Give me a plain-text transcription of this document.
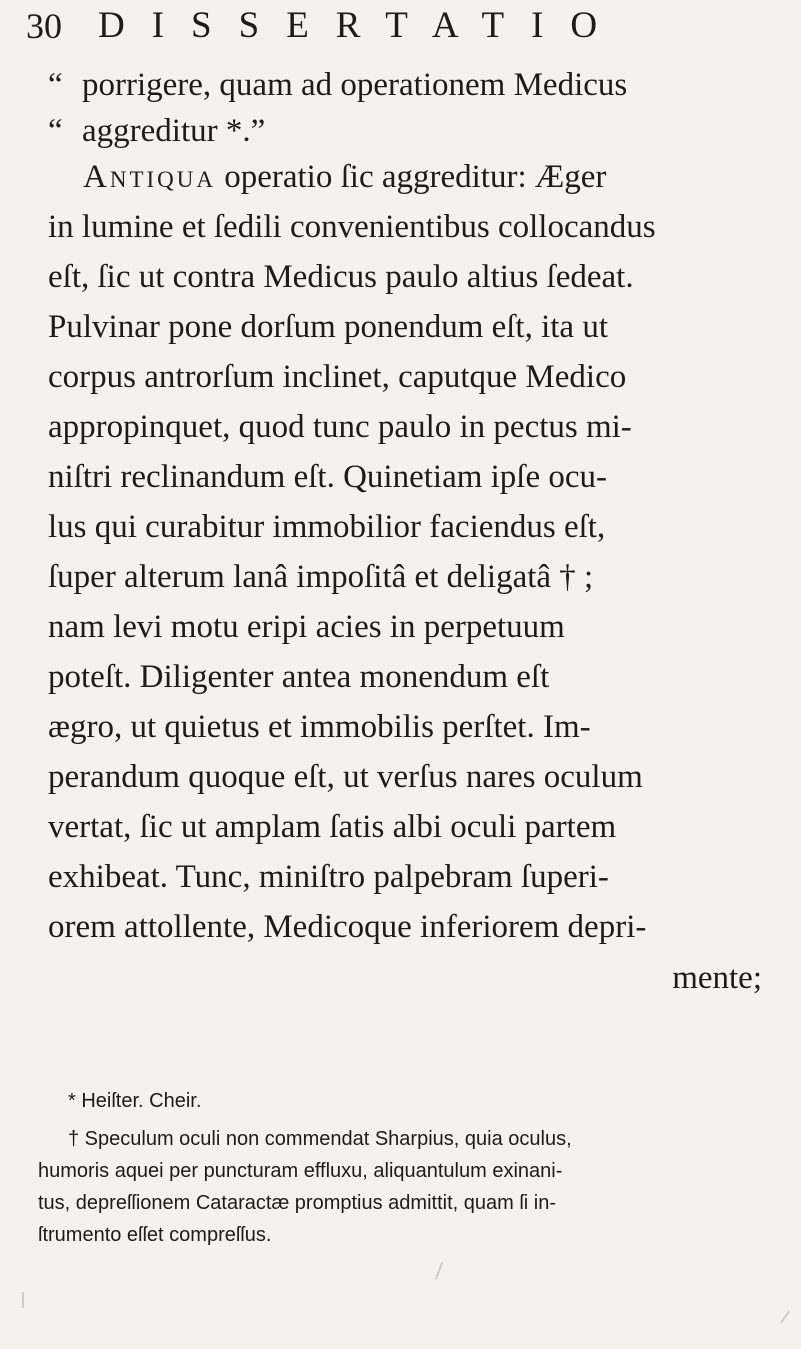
30 DISSERTATIO
“ porrigere, quam ad operationem Medicus
“ aggreditur *.”
Antiqua operatio ſic aggreditur: Æger
in lumine et ſedili convenientibus collocandus
eſt, ſic ut contra Medicus paulo altius ſedeat.
Pulvinar pone dorſum ponendum eſt, ita ut
corpus antrorſum inclinet, caputque Medico
appropinquet, quod tunc paulo in pectus mi-
niſtri reclinandum eſt. Quinetiam ipſe ocu-
lus qui curabitur immobilior faciendus eſt,
ſuper alterum lanâ impoſitâ et deligatâ † ;
nam levi motu eripi acies in perpetuum
poteſt. Diligenter antea monendum eſt
ægro, ut quietus et immobilis perſtet. Im-
perandum quoque eſt, ut verſus nares oculum
vertat, ſic ut amplam ſatis albi oculi partem
exhibeat. Tunc, miniſtro palpebram ſuperi-
orem attollente, Medicoque inferiorem depri-
mente;
* Heiſter. Cheir.
† Speculum oculi non commendat Sharpius, quia oculus,
humoris aquei per puncturam effluxu, aliquantulum exinani-
tus, depreſſionem Cataractæ promptius admittit, quam ſi in-
ſtrumento eſſet compreſſus.
